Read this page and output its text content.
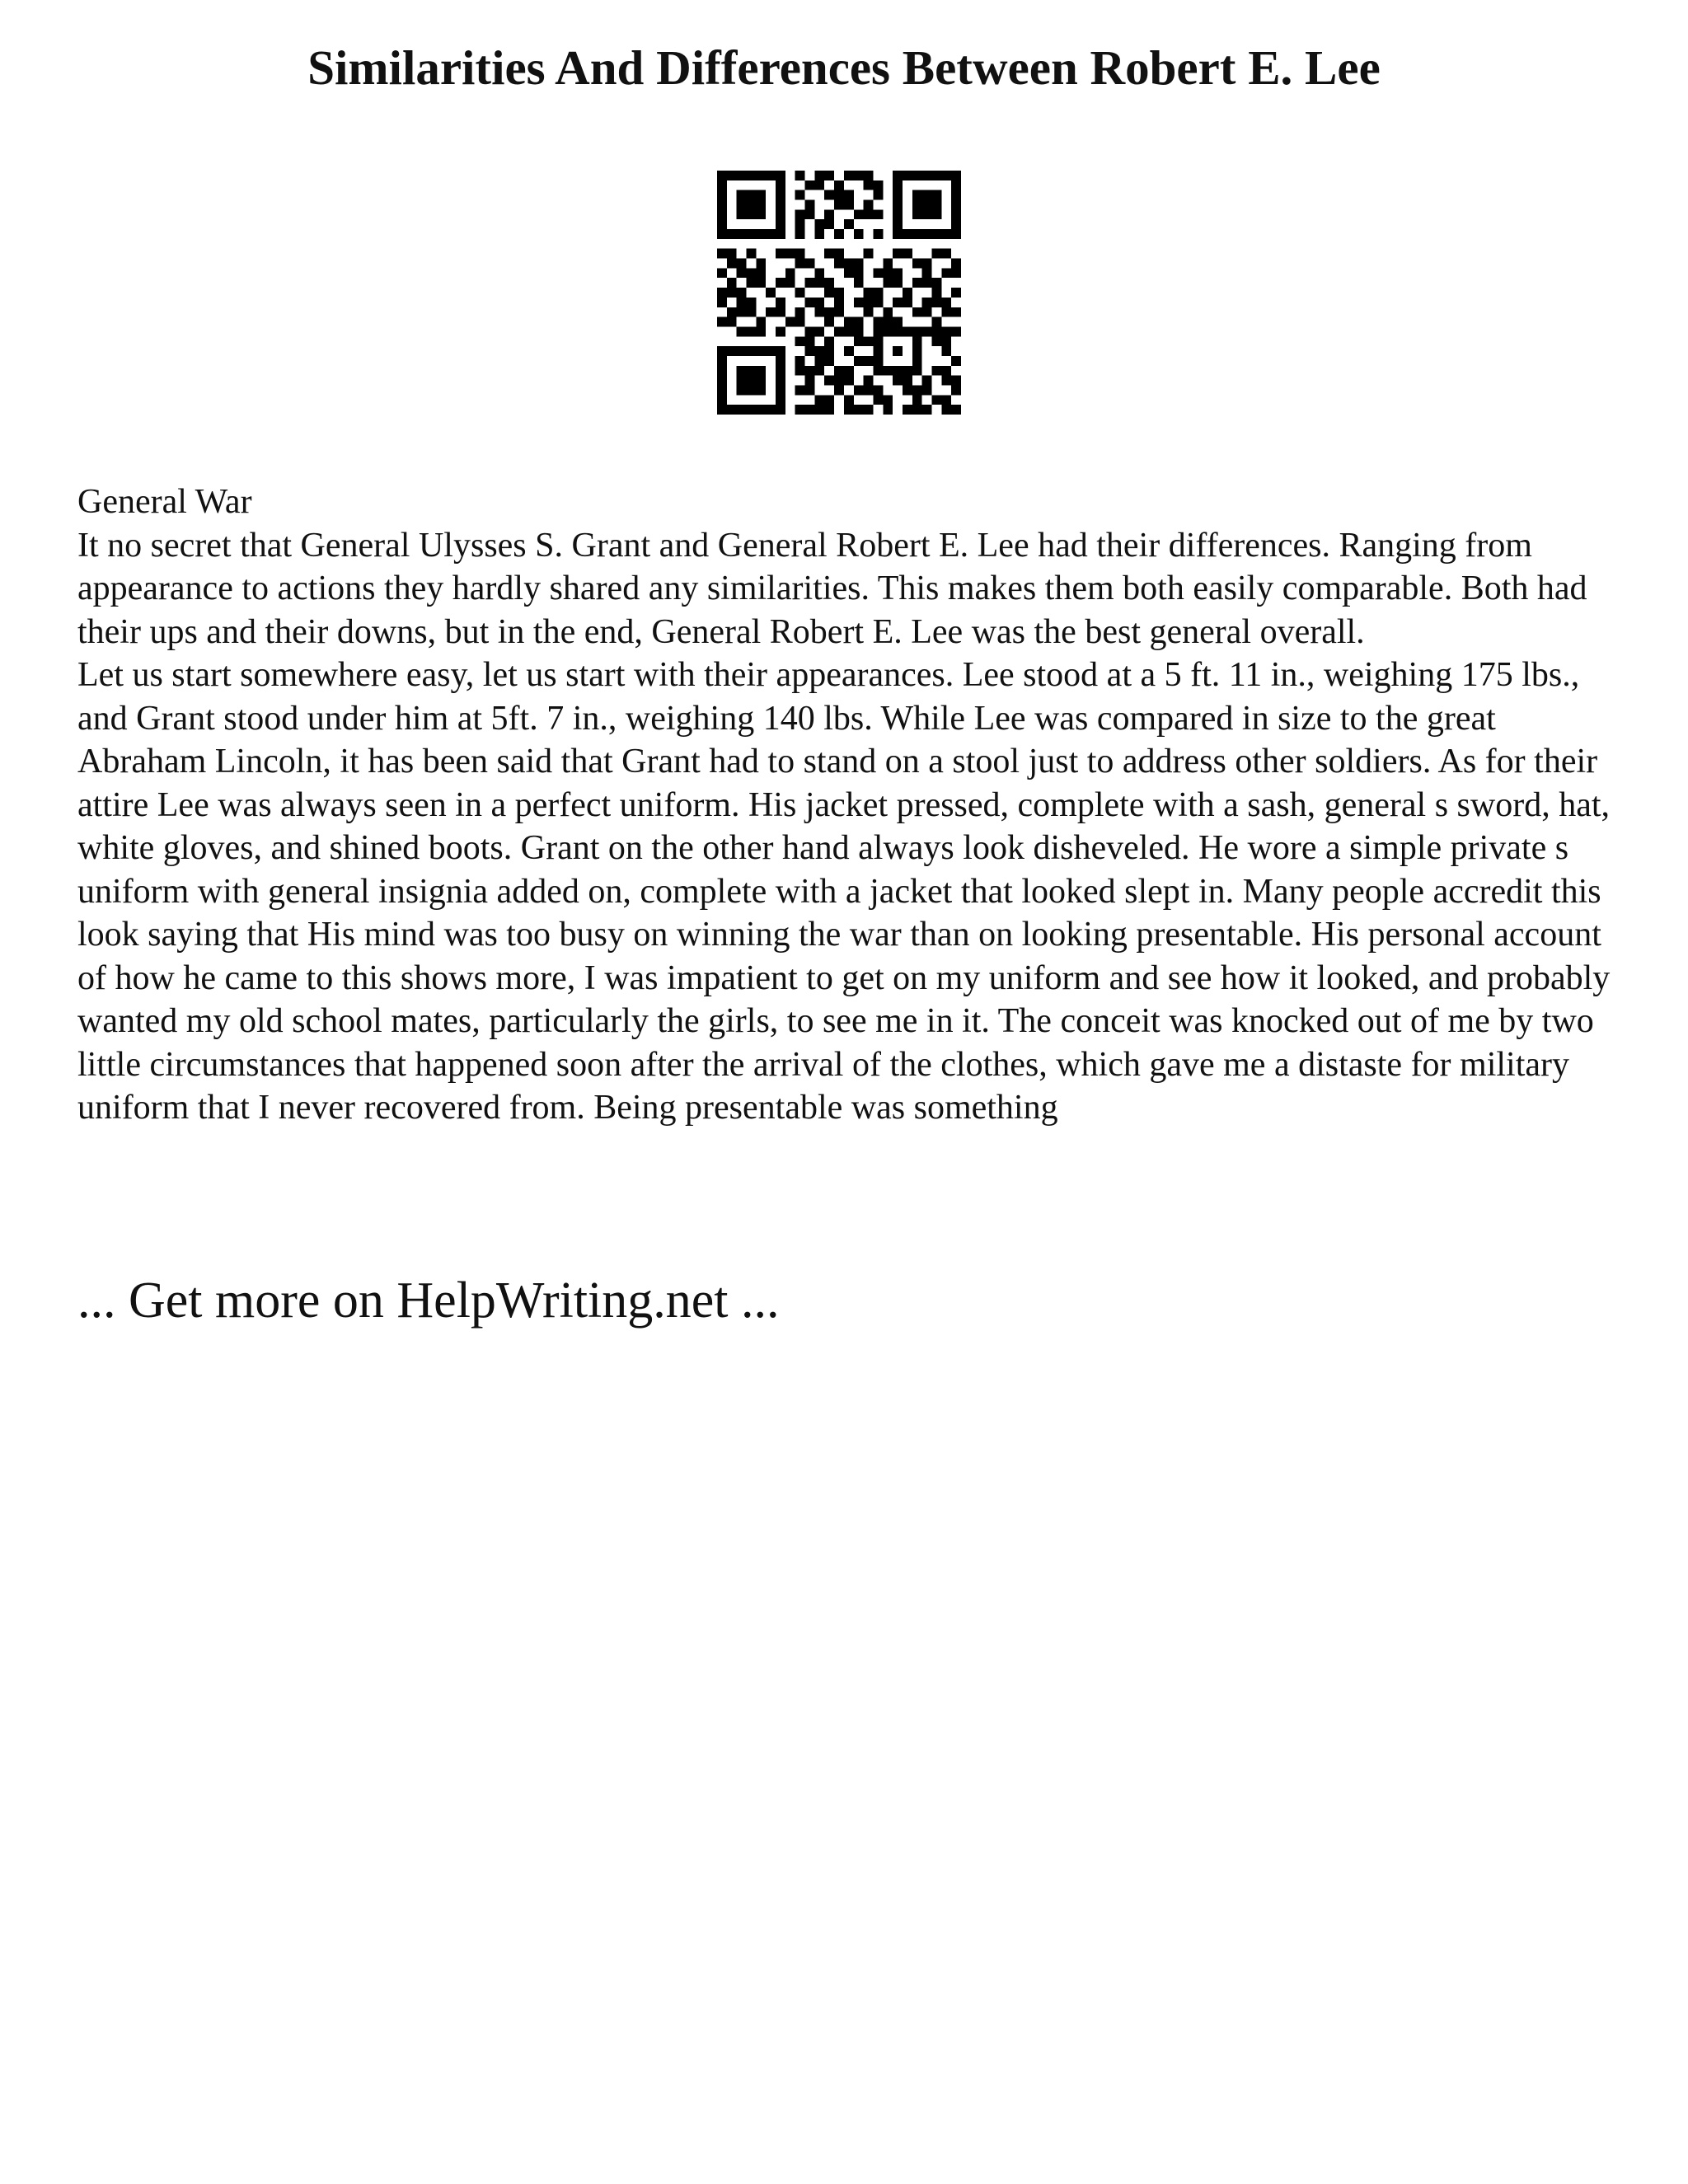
Similarities And Differences Between Robert E. Lee

General War

It no secret that General Ulysses S. Grant and General Robert E. Lee had their differences. Ranging from appearance to actions they hardly shared any similarities. This makes them both easily comparable. Both had their ups and their downs, but in the end, General Robert E. Lee was the best general overall.

Let us start somewhere easy, let us start with their appearances. Lee stood at a 5 ft. 11 in., weighing 175 lbs., and Grant stood under him at 5ft. 7 in., weighing 140 lbs. While Lee was compared in size to the great Abraham Lincoln, it has been said that Grant had to stand on a stool just to address other soldiers. As for their attire Lee was always seen in a perfect uniform. His jacket pressed, complete with a sash, general s sword, hat, white gloves, and shined boots. Grant on the other hand always look disheveled. He wore a simple private s uniform with general insignia added on, complete with a jacket that looked slept in. Many people accredit this look saying that His mind was too busy on winning the war than on looking presentable. His personal account of how he came to this shows more, I was impatient to get on my uniform and see how it looked, and probably wanted my old school mates, particularly the girls, to see me in it. The conceit was knocked out of me by two little circumstances that happened soon after the arrival of the clothes, which gave me a distaste for military uniform that I never recovered from. Being presentable was something

... Get more on HelpWriting.net ...
